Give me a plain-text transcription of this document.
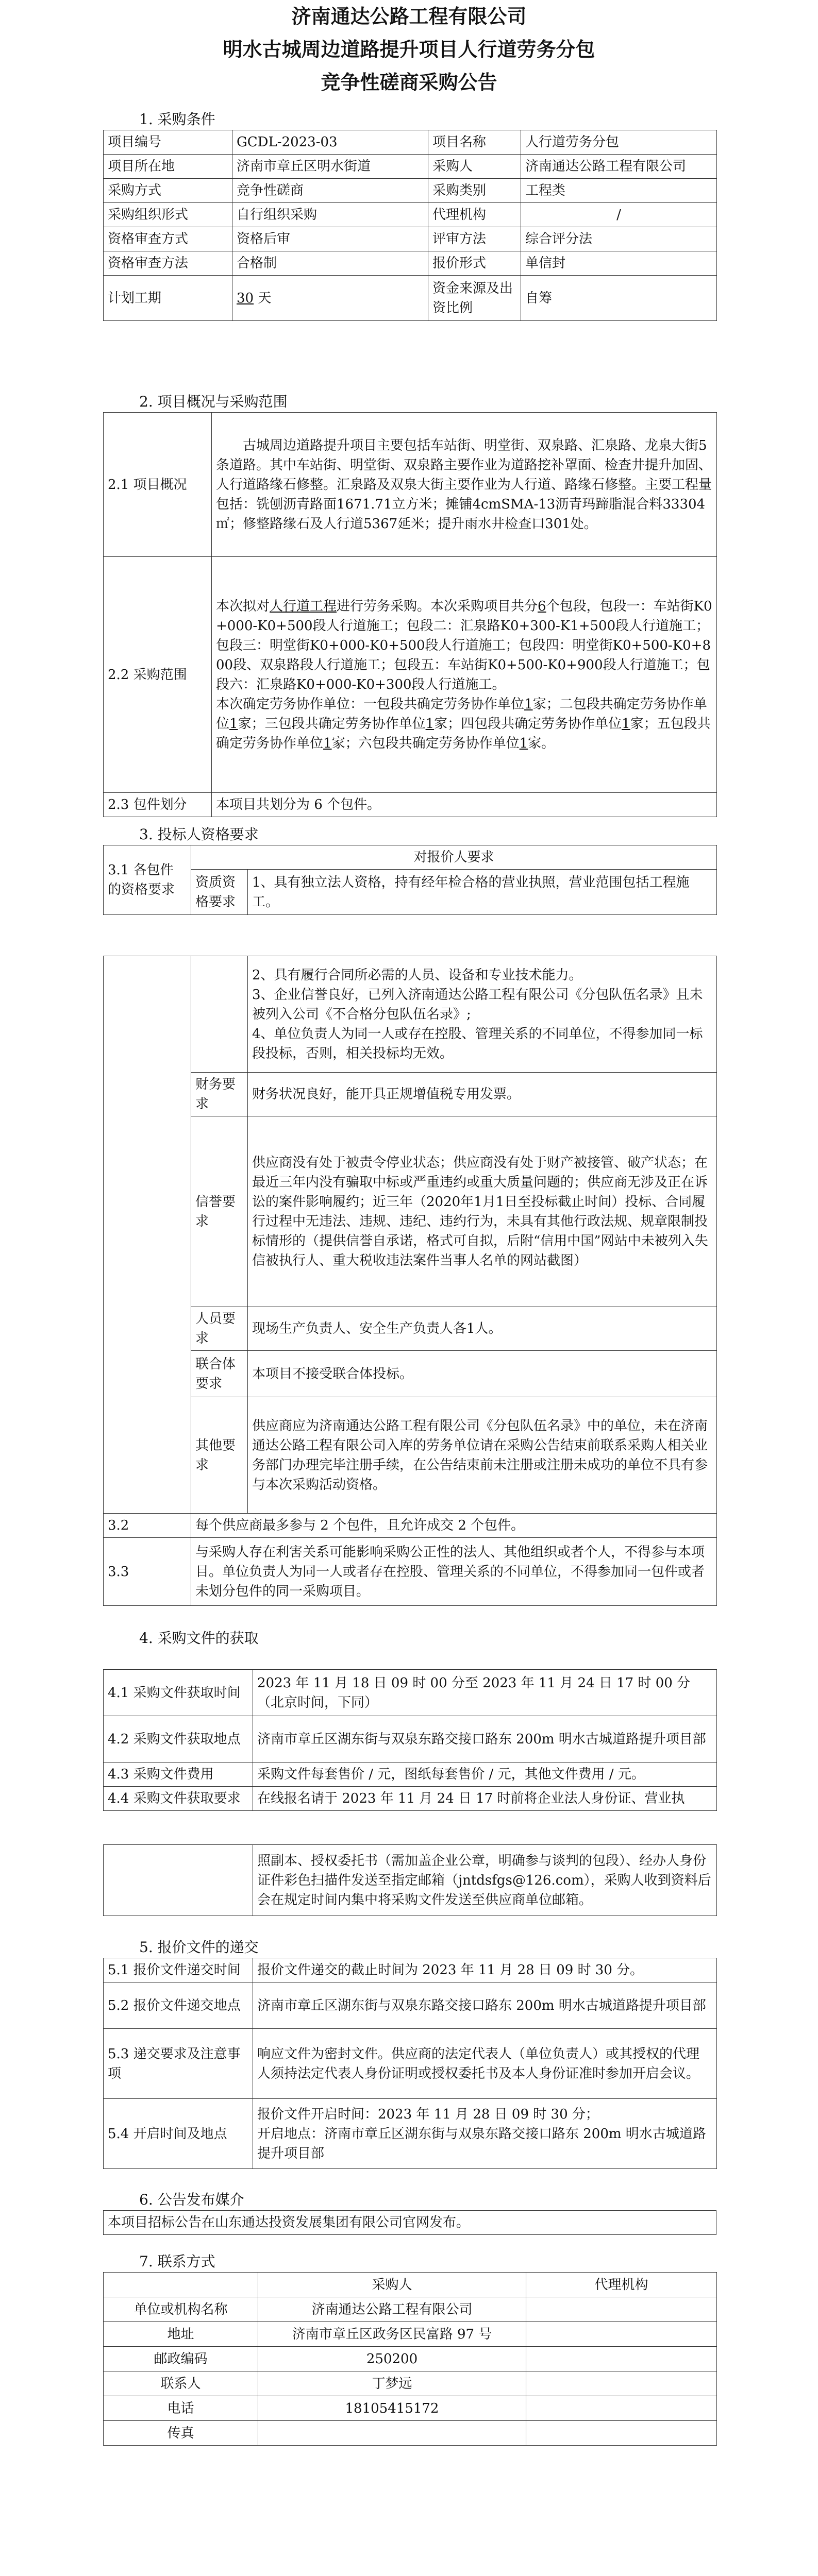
济南通达公路工程有限公司

明水古城周边道路提升项目人行道劳务分包

竞争性磋商采购公告

1. 采购条件
项目编号	GCDL-2023-03	项目名称	人行道劳务分包
项目所在地	济南市章丘区明水街道	采购人	济南通达公路工程有限公司
采购方式	竞争性磋商	采购类别	工程类
采购组织形式	自行组织采购	代理机构	/
资格审查方式	资格后审	评审方法	综合评分法
资格审查方法	合格制	报价形式	单信封
计划工期	30 天	资金来源及出资比例	自筹
2. 项目概况与采购范围
2.1 项目概况	古城周边道路提升项目主要包括车站街、明堂街、双泉路、汇泉路、龙泉大街5条道路。其中车站街、明堂街、双泉路主要作业为道路挖补罩面、检查井提升加固、人行道路缘石修整。汇泉路及双泉大街主要作业为人行道、路缘石修整。主要工程量包括：铣刨沥青路面1671.71立方米；摊铺4cmSMA-13沥青玛蹄脂混合料33304㎡；修整路缘石及人行道5367延米；提升雨水井检查口301处。
2.2 采购范围	本次拟对人行道工程进行劳务采购。本次采购项目共分6个包段，包段一：车站街K0+000-K0+500段人行道施工；包段二：汇泉路K0+300-K1+500段人行道施工；包段三：明堂街K0+000-K0+500段人行道施工；包段四：明堂街K0+500-K0+800段、双泉路段人行道施工；包段五：车站街K0+500-K0+900段人行道施工；包段六：汇泉路K0+000-K0+300段人行道施工。
本次确定劳务协作单位：一包段共确定劳务协作单位1家；二包段共确定劳务协作单位1家；三包段共确定劳务协作单位1家；四包段共确定劳务协作单位1家；五包段共确定劳务协作单位1家；六包段共确定劳务协作单位1家。

2.3 包件划分	本项目共划分为 6 个包件。
3. 投标人资格要求
3.1 各包件的资格要求	对报价人要求	
	资质资格要求	1、具有独立法人资格，持有经年检合格的营业执照，营业范围包括工程施工。

		2、具有履行合同所必需的人员、设备和专业技术能力。
3、企业信誉良好，已列入济南通达公路工程有限公司《分包队伍名录》且未被列入公司《不合格分包队伍名录》;
4、单位负责人为同一人或存在控股、管理关系的不同单位，不得参加同一标段投标，否则，相关投标均无效。

	财务要求	财务状况良好，能开具正规增值税专用发票。
	信誉要求	供应商没有处于被责令停业状态；供应商没有处于财产被接管、破产状态；在最近三年内没有骗取中标或严重违约或重大质量问题的；供应商无涉及正在诉讼的案件影响履约；近三年（2020年1月1日至投标截止时间）投标、合同履行过程中无违法、违规、违纪、违约行为，未具有其他行政法规、规章限制投标情形的（提供信誉自承诺，格式可自拟，后附“信用中国”网站中未被列入失信被执行人、重大税收违法案件当事人名单的网站截图）
	人员要求	现场生产负责人、安全生产负责人各1人。
	联合体要求	本项目不接受联合体投标。
	其他要求	供应商应为济南通达公路工程有限公司《分包队伍名录》中的单位，未在济南通达公路工程有限公司入库的劳务单位请在采购公告结束前联系采购人相关业务部门办理完毕注册手续，在公告结束前未注册或注册未成功的单位不具有参与本次采购活动资格。
3.2	每个供应商最多参与 2 个包件，且允许成交 2 个包件。	
3.3	与采购人存在利害关系可能影响采购公正性的法人、其他组织或者个人，不得参与本项目。单位负责人为同一人或者存在控股、管理关系的不同单位，不得参加同一包件或者未划分包件的同一采购项目。	
4. 采购文件的获取
4.1 采购文件获取时间	2023 年 11 月 18 日 09 时 00 分至 2023 年 11 月 24 日 17 时 00 分（北京时间，下同）
4.2 采购文件获取地点	济南市章丘区湖东街与双泉东路交接口路东 200m 明水古城道路提升项目部
4.3 采购文件费用	采购文件每套售价 / 元，图纸每套售价 / 元，其他文件费用 / 元。
4.4 采购文件获取要求	在线报名请于 2023 年 11 月 24 日 17 时前将企业法人身份证、营业执
	照副本、授权委托书（需加盖企业公章，明确参与谈判的包段）、经办人身份证件彩色扫描件发送至指定邮箱（jntdsfgs@126.com），采购人收到资料后会在规定时间内集中将采购文件发送至供应商单位邮箱。
5. 报价文件的递交
5.1 报价文件递交时间	报价文件递交的截止时间为 2023 年 11 月 28 日 09 时 30 分。
5.2 报价文件递交地点	济南市章丘区湖东街与双泉东路交接口路东 200m 明水古城道路提升项目部
5.3 递交要求及注意事项	响应文件为密封文件。供应商的法定代表人（单位负责人）或其授权的代理人须持法定代表人身份证明或授权委托书及本人身份证准时参加开启会议。
5.4 开启时间及地点	报价文件开启时间：2023 年 11 月 28 日 09 时 30 分；
开启地点：济南市章丘区湖东街与双泉东路交接口路东 200m 明水古城道路提升项目部
6. 公告发布媒介
本项目招标公告在山东通达投资发展集团有限公司官网发布。
7. 联系方式
	采购人	代理机构
单位或机构名称	济南通达公路工程有限公司	
地址	济南市章丘区政务区民富路 97 号	
邮政编码	250200	
联系人	丁梦远	
电话	18105415172	
传真		
